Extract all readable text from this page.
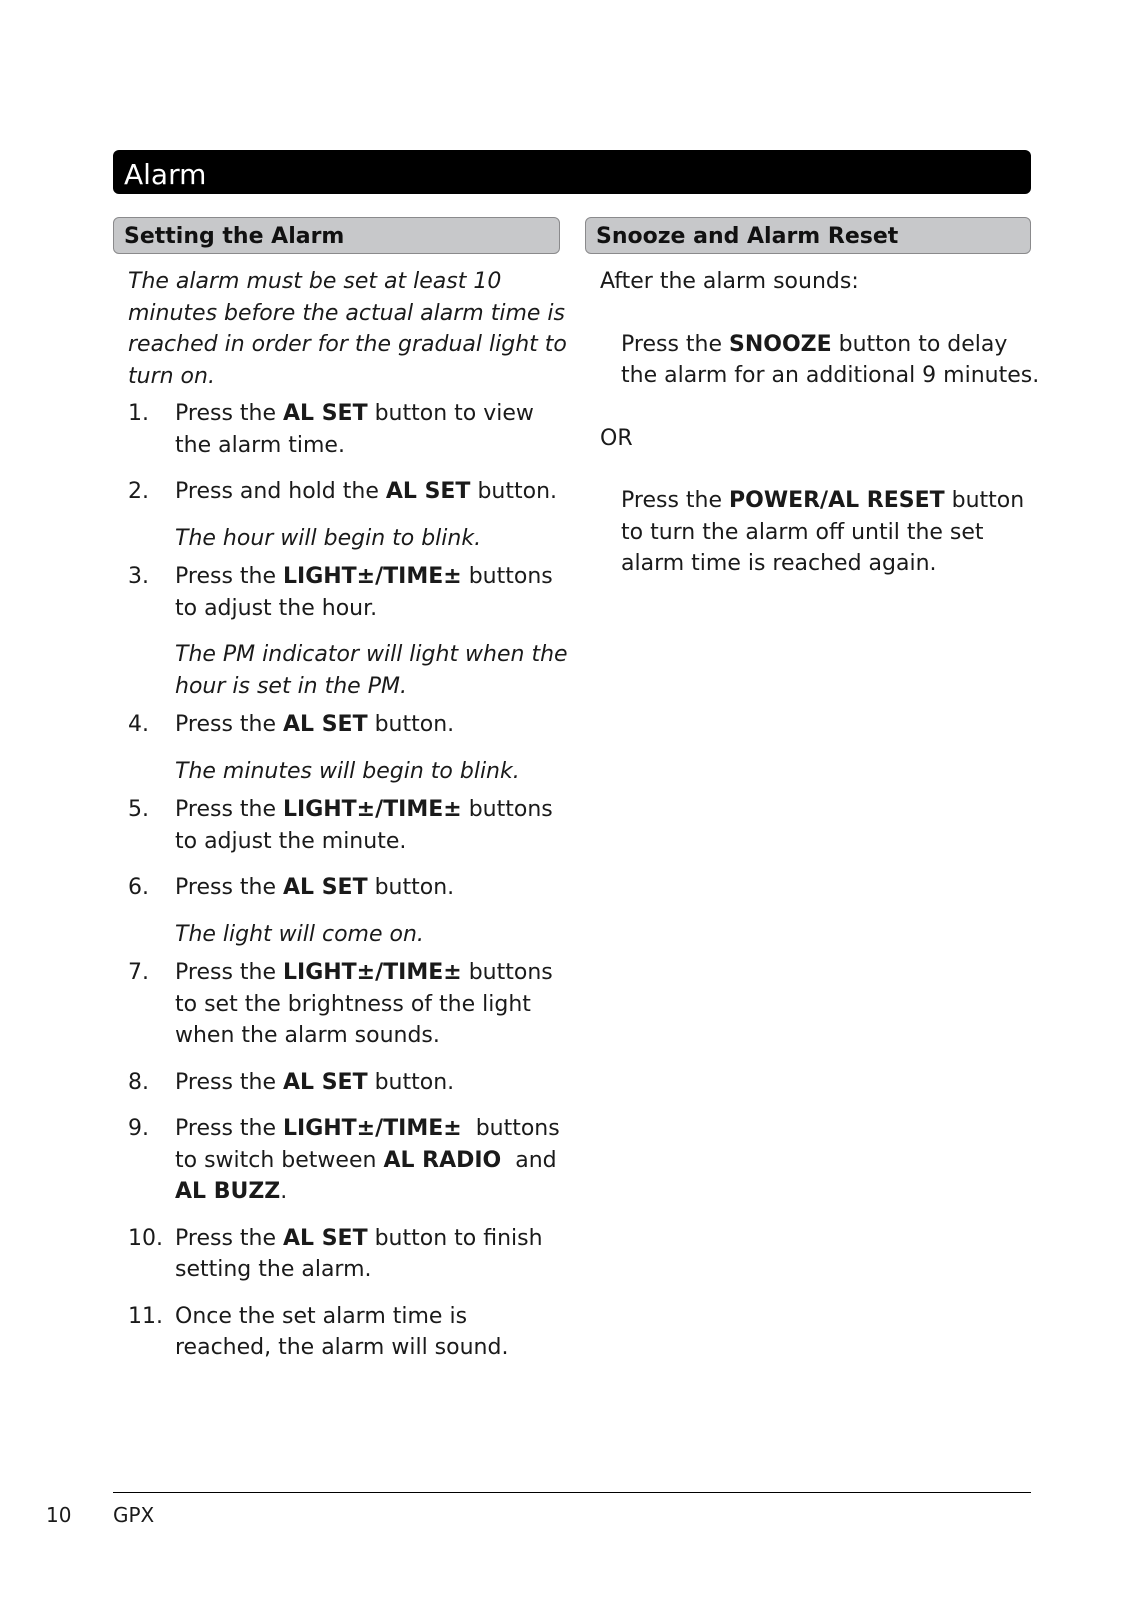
Alarm
Setting the Alarm	Snooze and Alarm Reset

The alarm must be set at least 10 minutes before the actual alarm time is reached in order for the gradual light to turn on.

1. Press the AL SET button to view the alarm time.
2. Press and hold the AL SET button.
The hour will begin to blink.
3. Press the LIGHT±/TIME± buttons to adjust the hour.
The PM indicator will light when the hour is set in the PM.
4. Press the AL SET button.
The minutes will begin to blink.
5. Press the LIGHT±/TIME± buttons to adjust the minute.
6. Press the AL SET button.
The light will come on.
7. Press the LIGHT±/TIME± buttons to set the brightness of the light when the alarm sounds.
8. Press the AL SET button.
9. Press the LIGHT±/TIME±  buttons to switch between AL RADIO  and AL BUZZ.
10. Press the AL SET button to finish setting the alarm.
11. Once the set alarm time is reached, the alarm will sound.

After the alarm sounds:

Press the SNOOZE button to delay the alarm for an additional 9 minutes.

OR

Press the POWER/AL RESET button to turn the alarm off until the set alarm time is reached again.

10 GPX
